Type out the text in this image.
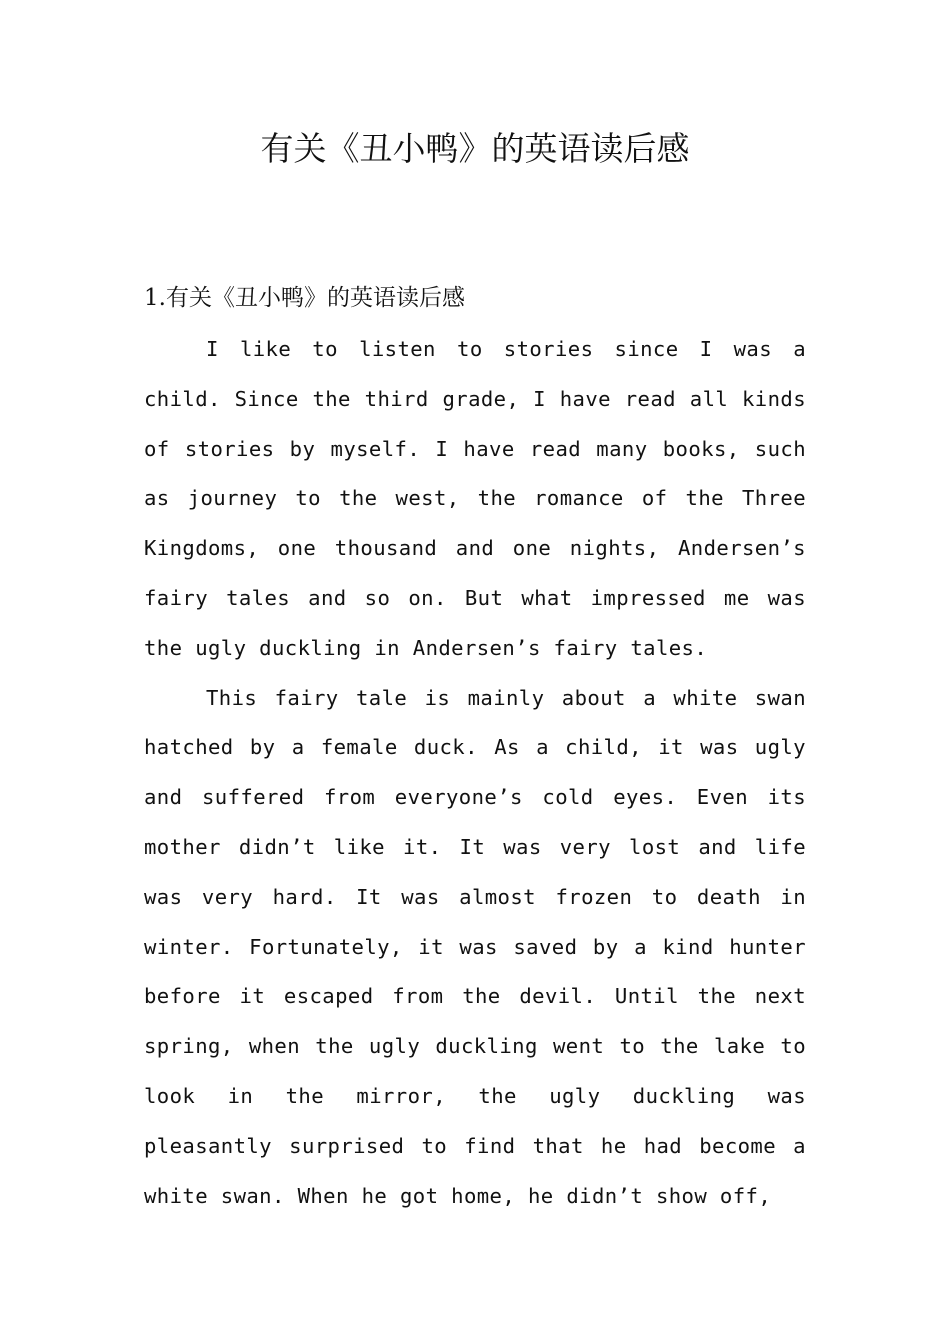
有关《丑小鸭》的英语读后感
1.有关《丑小鸭》的英语读后感

I like to listen to stories since I was a child. Since the third grade, I have read all kinds of stories by myself. I have read many books, such as journey to the west, the romance of the Three Kingdoms, one thousand and one nights, Andersen’s fairy tales and so on. But what impressed me was the ugly duckling in Andersen’s fairy tales.

This fairy tale is mainly about a white swan hatched by a female duck. As a child, it was ugly and suffered from everyone’s cold eyes. Even its mother didn’t like it. It was very lost and life was very hard. It was almost frozen to death in winter. Fortunately, it was saved by a kind hunter before it escaped from the devil. Until the next spring, when the ugly duckling went to the lake to look in the mirror, the ugly duckling was pleasantly surprised to find that he had become a white swan. When he got home, he didn’t show off,
